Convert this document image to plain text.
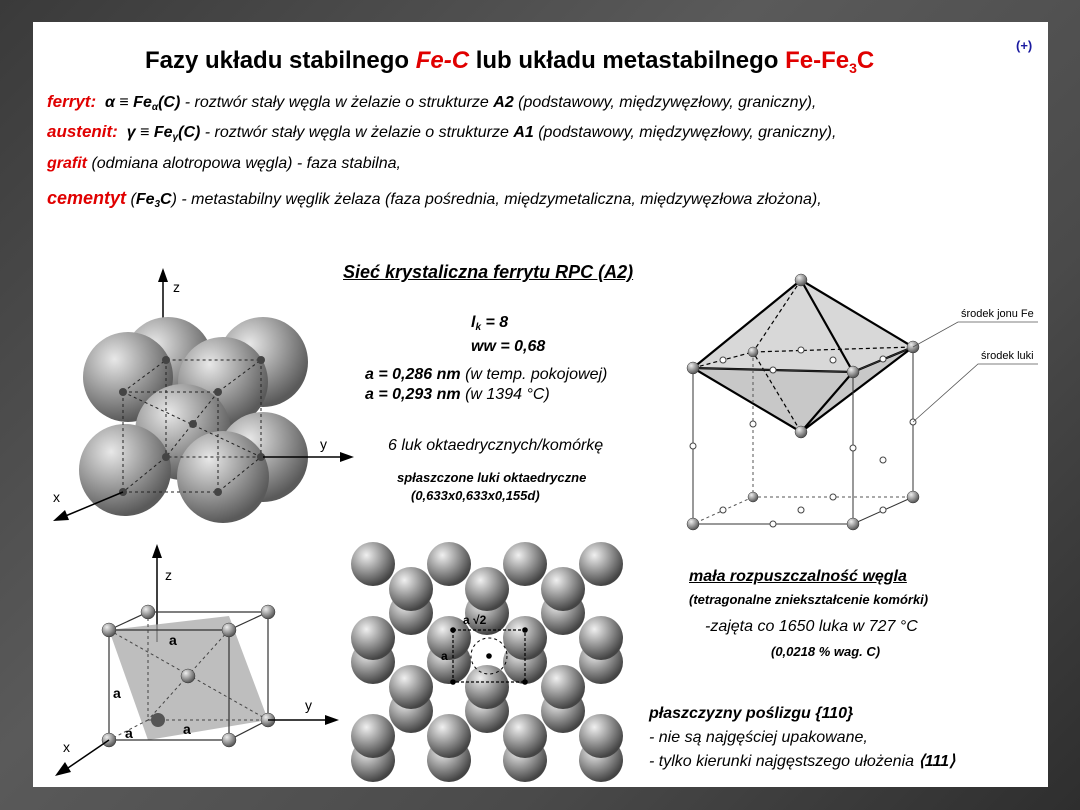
Fazy układu stabilnego Fe-C lub układu metastabilnego $Fe-Fe_3C$
(+)
ferryt: $\alpha \equiv Fe_\alpha(C)$ - roztwór stały węgla w żelazie o strukturze A2 (podstawowy, międzywęzłowy, graniczny),
austenit: $\gamma \equiv Fe_\gamma(C)$ - roztwór stały węgla w żelazie o strukturze A1 (podstawowy, międzywęzłowy, graniczny),
grafit (odmiana alotropowa węgla) - faza stabilna,
cementyt $(Fe_3C)$ - metastabilny węglik żelaza (faza pośrednia, międzymetaliczna, międzywęzłowa złożona),
Sieć krystaliczna ferrytu RPC (A2)
$l_k = 8$
ww = 0,68
a = 0,286 nm (w temp. pokojowej)
a = 0,293 nm (w 1394 °C)
6 luk oktaedrycznych/komórkę
spłaszczone luki oktaedryczne
(0,633x0,633x0,155d)
mała rozpuszczalność węgla
(tetragonalne zniekształcenie komórki)
-zajęta co 1650 luka w 727 °C
(0,0218 % wag. C)
płaszczyzny poślizgu {110}
- nie są najgęściej upakowane,
- tylko kierunki najgęstszego ułożenia ⟨111⟩
z
y
x
środek jonu Fe
środek luki
z
a
a
a
a
y
x
a √2
a
